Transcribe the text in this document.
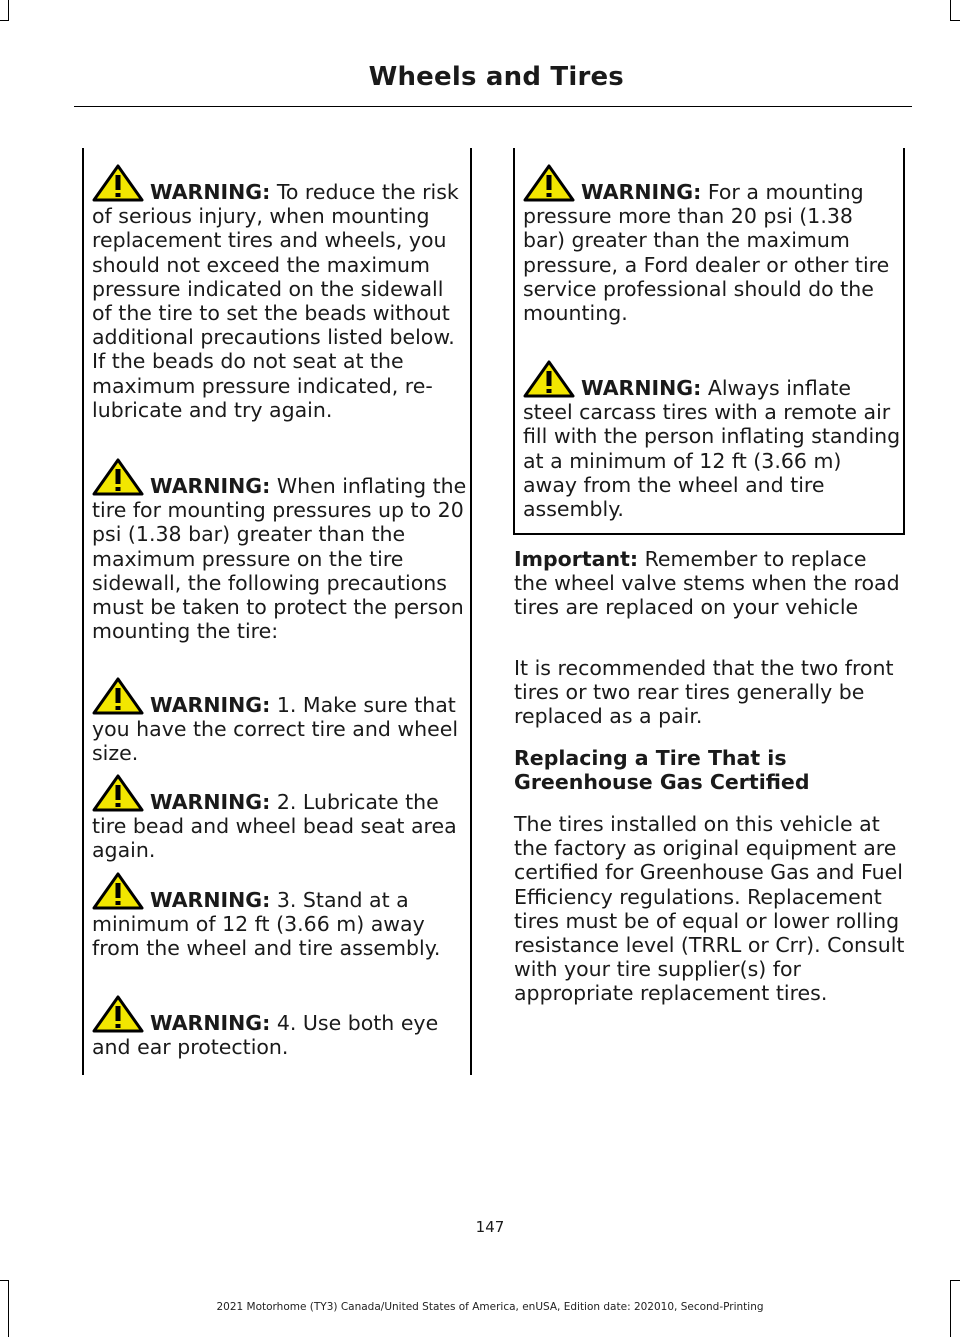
Wheels and Tires

WARNING: To reduce the risk of serious injury, when mounting replacement tires and wheels, you should not exceed the maximum pressure indicated on the sidewall of the tire to set the beads without additional precautions listed below. If the beads do not seat at the maximum pressure indicated, re-lubricate and try again.

WARNING: When inflating the tire for mounting pressures up to 20 psi (1.38 bar) greater than the maximum pressure on the tire sidewall, the following precautions must be taken to protect the person mounting the tire:

WARNING: 1. Make sure that you have the correct tire and wheel size.

WARNING: 2. Lubricate the tire bead and wheel bead seat area again.

WARNING: 3. Stand at a minimum of 12 ft (3.66 m) away from the wheel and tire assembly.

WARNING: 4. Use both eye and ear protection.

WARNING: For a mounting pressure more than 20 psi (1.38 bar) greater than the maximum pressure, a Ford dealer or other tire service professional should do the mounting.

WARNING: Always inflate steel carcass tires with a remote air fill with the person inflating standing at a minimum of 12 ft (3.66 m) away from the wheel and tire assembly.

Important: Remember to replace the wheel valve stems when the road tires are replaced on your vehicle

It is recommended that the two front tires or two rear tires generally be replaced as a pair.

Replacing a Tire That is Greenhouse Gas Certified

The tires installed on this vehicle at the factory as original equipment are certified for Greenhouse Gas and Fuel Efficiency regulations. Replacement tires must be of equal or lower rolling resistance level (TRRL or Crr). Consult with your tire supplier(s) for appropriate replacement tires.

147
2021 Motorhome (TY3) Canada/United States of America, enUSA, Edition date: 202010, Second-Printing
